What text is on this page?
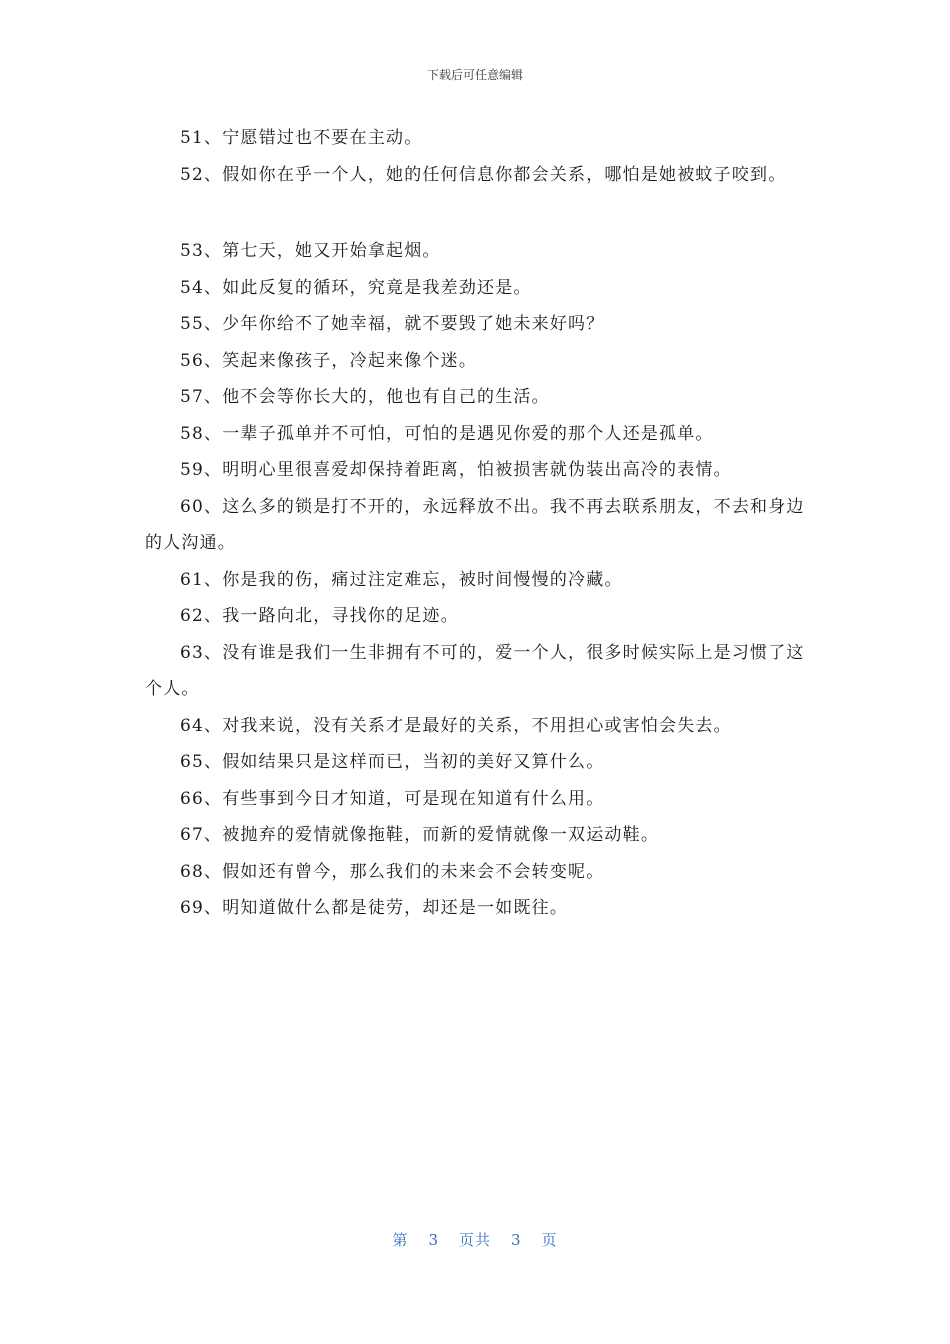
下载后可任意编辑

51、宁愿错过也不要在主动。

52、假如你在乎一个人，她的任何信息你都会关系，哪怕是她被蚊子咬到。

53、第七天，她又开始拿起烟。

54、如此反复的循环，究竟是我差劲还是。

55、少年你给不了她幸福，就不要毁了她未来好吗？

56、笑起来像孩子，冷起来像个迷。

57、他不会等你长大的，他也有自己的生活。

58、一辈子孤单并不可怕，可怕的是遇见你爱的那个人还是孤单。

59、明明心里很喜爱却保持着距离，怕被损害就伪装出高冷的表情。

60、这么多的锁是打不开的，永远释放不出。我不再去联系朋友，不去和身边的人沟通。

61、你是我的伤，痛过注定难忘，被时间慢慢的冷藏。

62、我一路向北，寻找你的足迹。

63、没有谁是我们一生非拥有不可的，爱一个人，很多时候实际上是习惯了这个人。

64、对我来说，没有关系才是最好的关系，不用担心或害怕会失去。

65、假如结果只是这样而已，当初的美好又算什么。

66、有些事到今日才知道，可是现在知道有什么用。

67、被抛弃的爱情就像拖鞋，而新的爱情就像一双运动鞋。

68、假如还有曾今，那么我们的未来会不会转变呢。

69、明知道做什么都是徒劳，却还是一如既往。

第 3 页共 3 页
